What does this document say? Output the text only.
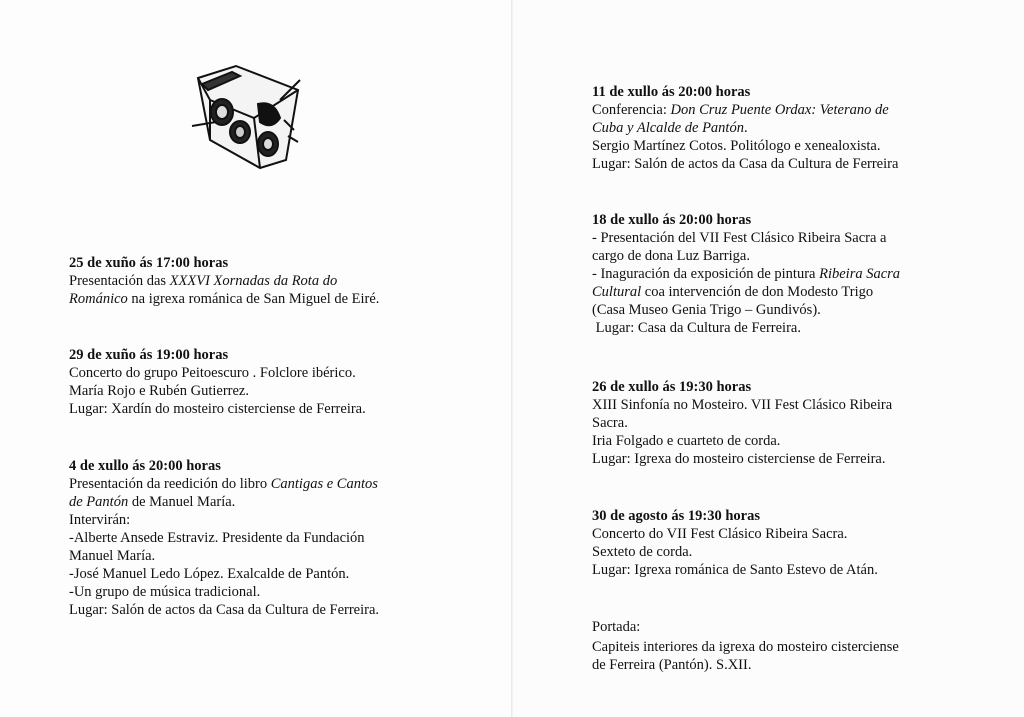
25 de xuño ás 17:00 horas
Presentación das XXXVI Xornadas da Rota do
Románico na igrexa románica de San Miguel de Eiré.
29 de xuño ás 19:00 horas
Concerto do grupo Peitoescuro . Folclore ibérico.
María Rojo e Rubén Gutierrez.
Lugar: Xardín do mosteiro cisterciense de Ferreira.
4 de xullo ás 20:00 horas
Presentación da reedición do libro Cantigas e Cantos
de Pantón de Manuel María.
Intervirán:
-Alberte Ansede Estraviz. Presidente da Fundación
Manuel María.
-José Manuel Ledo López. Exalcalde de Pantón.
-Un grupo de música tradicional.
Lugar: Salón de actos da Casa da Cultura de Ferreira.
11 de xullo ás 20:00 horas
Conferencia: Don Cruz Puente Ordax: Veterano de
Cuba y Alcalde de Pantón.
Sergio Martínez Cotos. Politólogo e xenealoxista.
Lugar: Salón de actos da Casa da Cultura de Ferreira
18 de xullo ás 20:00 horas
- Presentación del VII Fest Clásico Ribeira Sacra a
cargo de dona Luz Barriga.
- Inaguración da exposición de pintura Ribeira Sacra
Cultural coa intervención de don Modesto Trigo
(Casa Museo Genia Trigo – Gundivós).
Lugar: Casa da Cultura de Ferreira.
26 de xullo ás 19:30 horas
XIII Sinfonía no Mosteiro. VII Fest Clásico Ribeira
Sacra.
Iria Folgado e cuarteto de corda.
Lugar: Igrexa do mosteiro cisterciense de Ferreira.
30 de agosto ás 19:30 horas
Concerto do VII Fest Clásico Ribeira Sacra.
Sexteto de corda.
Lugar: Igrexa románica de Santo Estevo de Atán.
Portada:
Capiteis interiores da igrexa do mosteiro cisterciense
de Ferreira (Pantón). S.XII.
